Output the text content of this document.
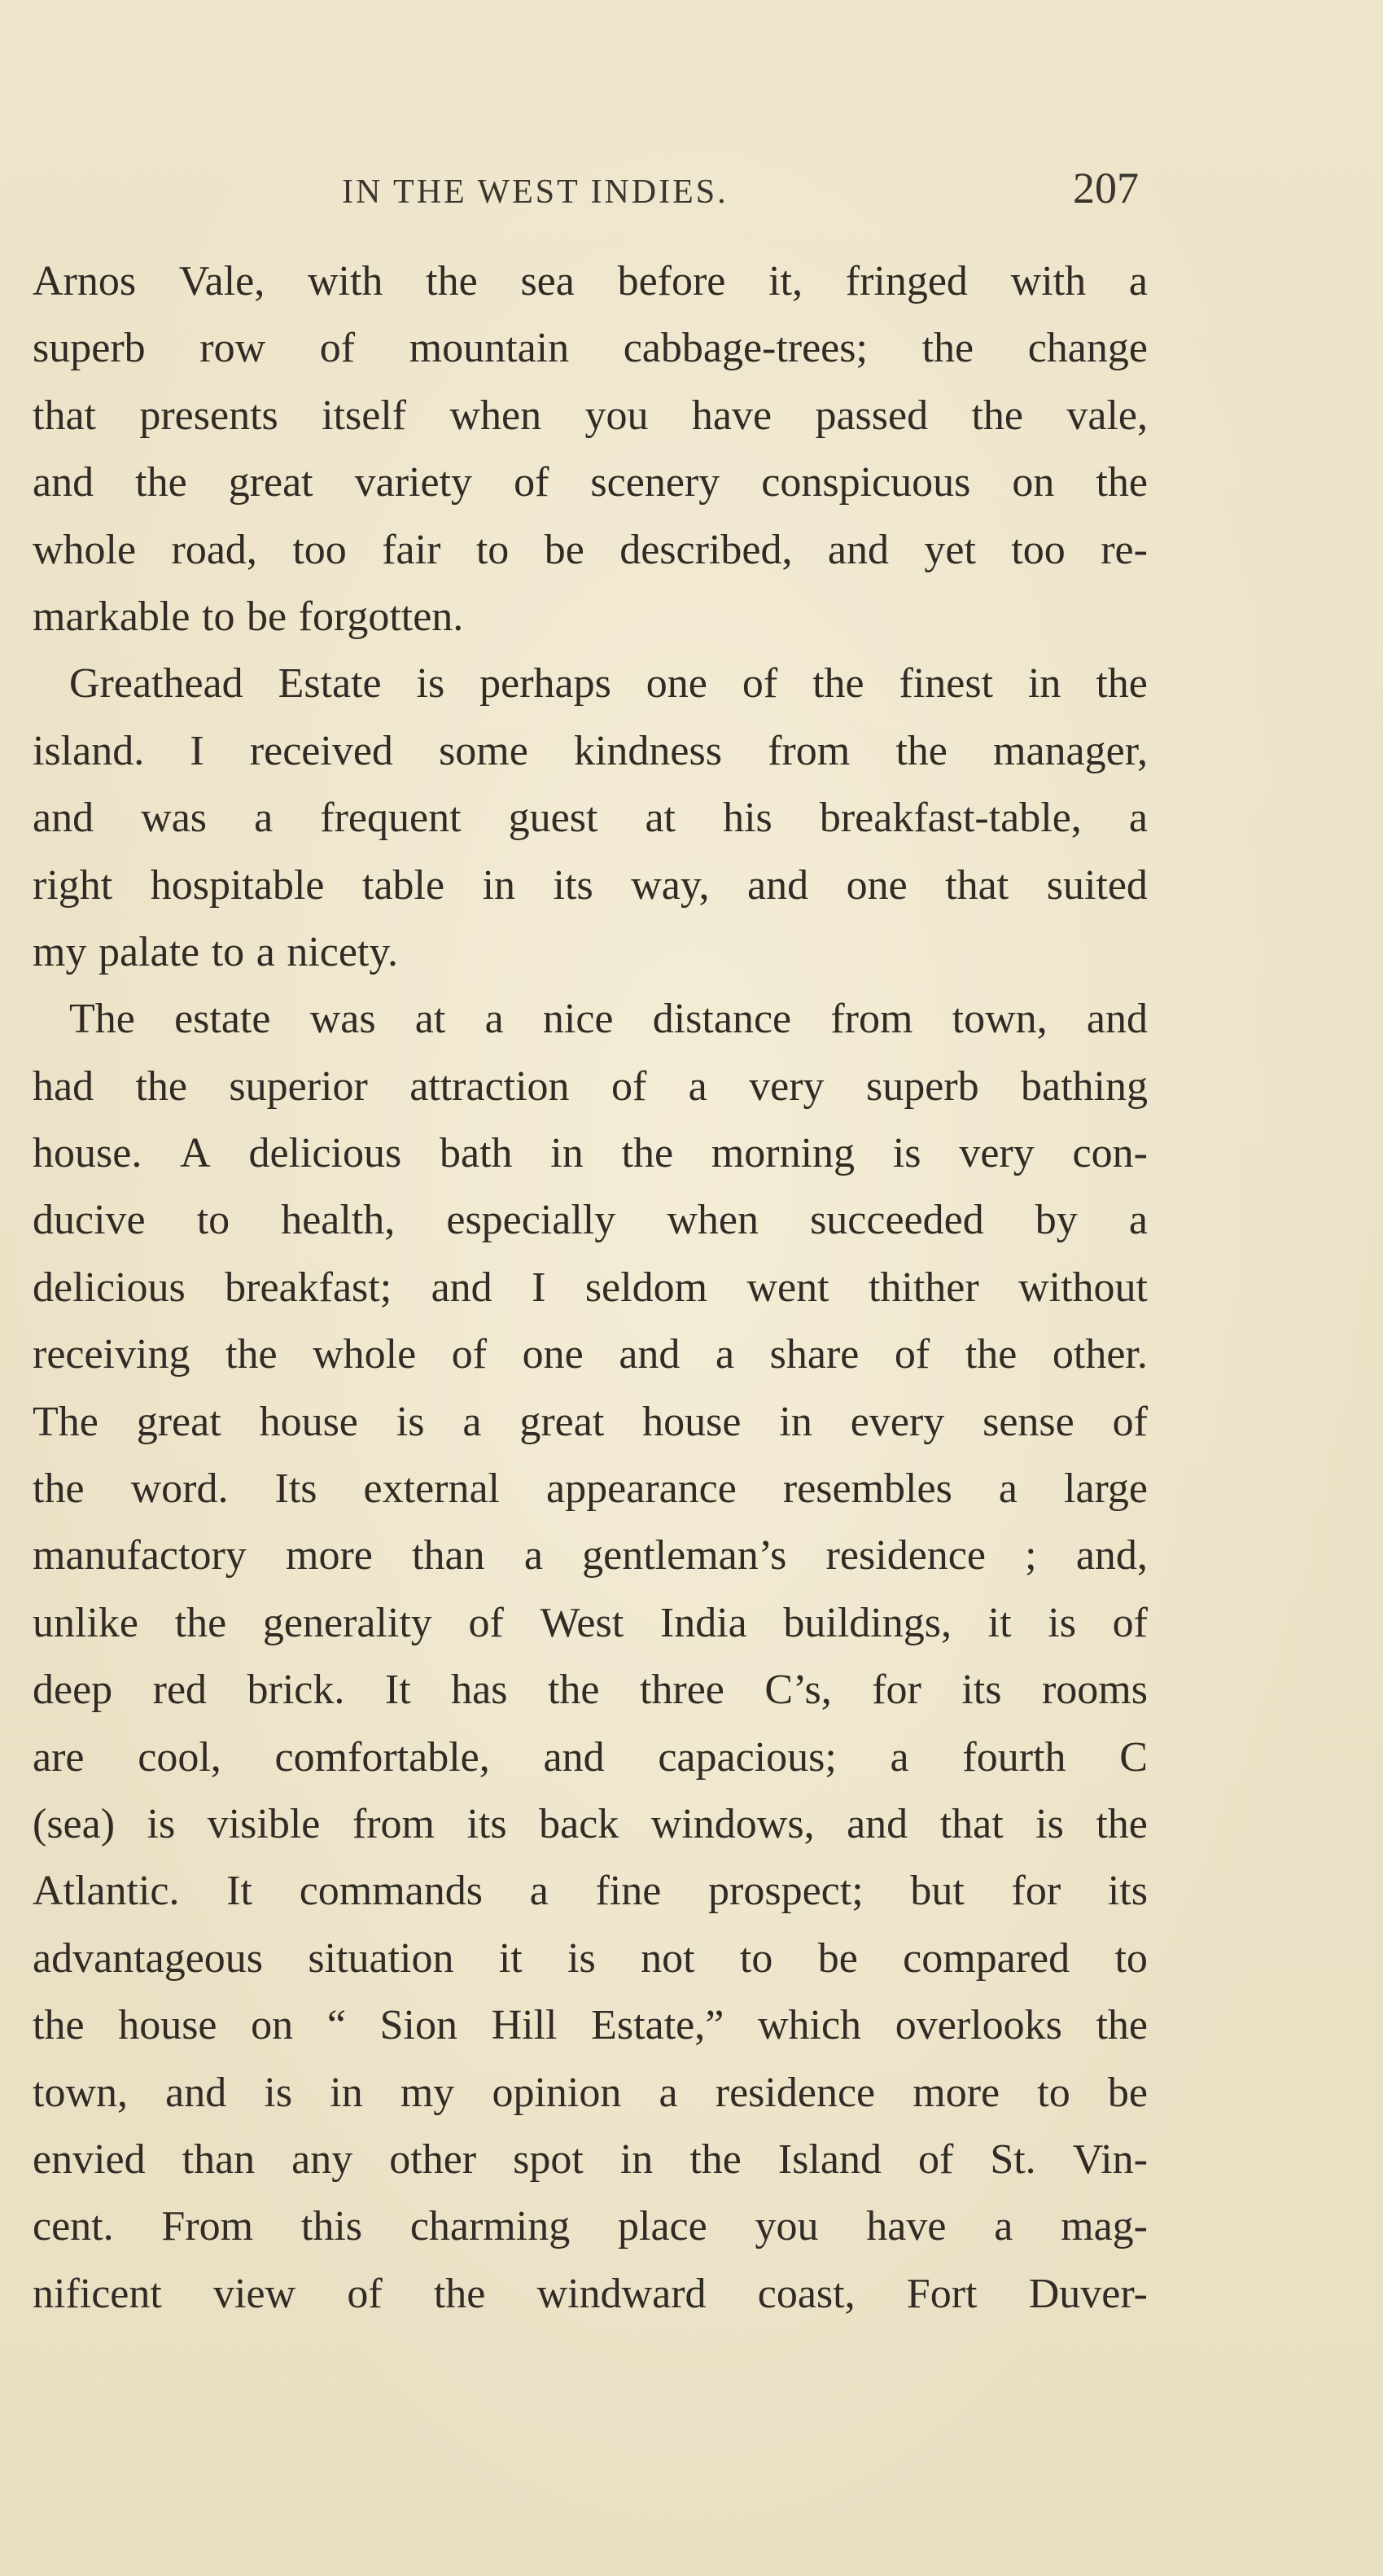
IN THE WEST INDIES.	207
Arnos Vale, with the sea before it, fringed with a
superb row of mountain cabbage-trees; the change
that presents itself when you have passed the vale,
and the great variety of scenery conspicuous on the
whole road, too fair to be described, and yet too re-
markable to be forgotten.
Greathead Estate is perhaps one of the finest in the
island. I received some kindness from the manager,
and was a frequent guest at his breakfast-table, a
right hospitable table in its way, and one that suited
my palate to a nicety.
The estate was at a nice distance from town, and
had the superior attraction of a very superb bathing
house. A delicious bath in the morning is very con-
ducive to health, especially when succeeded by a
delicious breakfast; and I seldom went thither without
receiving the whole of one and a share of the other.
The great house is a great house in every sense of
the word. Its external appearance resembles a large
manufactory more than a gentleman’s residence ; and,
unlike the generality of West India buildings, it is of
deep red brick. It has the three C’s, for its rooms
are cool, comfortable, and capacious; a fourth C
(sea) is visible from its back windows, and that is the
Atlantic. It commands a fine prospect; but for its
advantageous situation it is not to be compared to
the house on “ Sion Hill Estate,” which overlooks the
town, and is in my opinion a residence more to be
envied than any other spot in the Island of St. Vin-
cent. From this charming place you have a mag-
nificent view of the windward coast, Fort Duver-
